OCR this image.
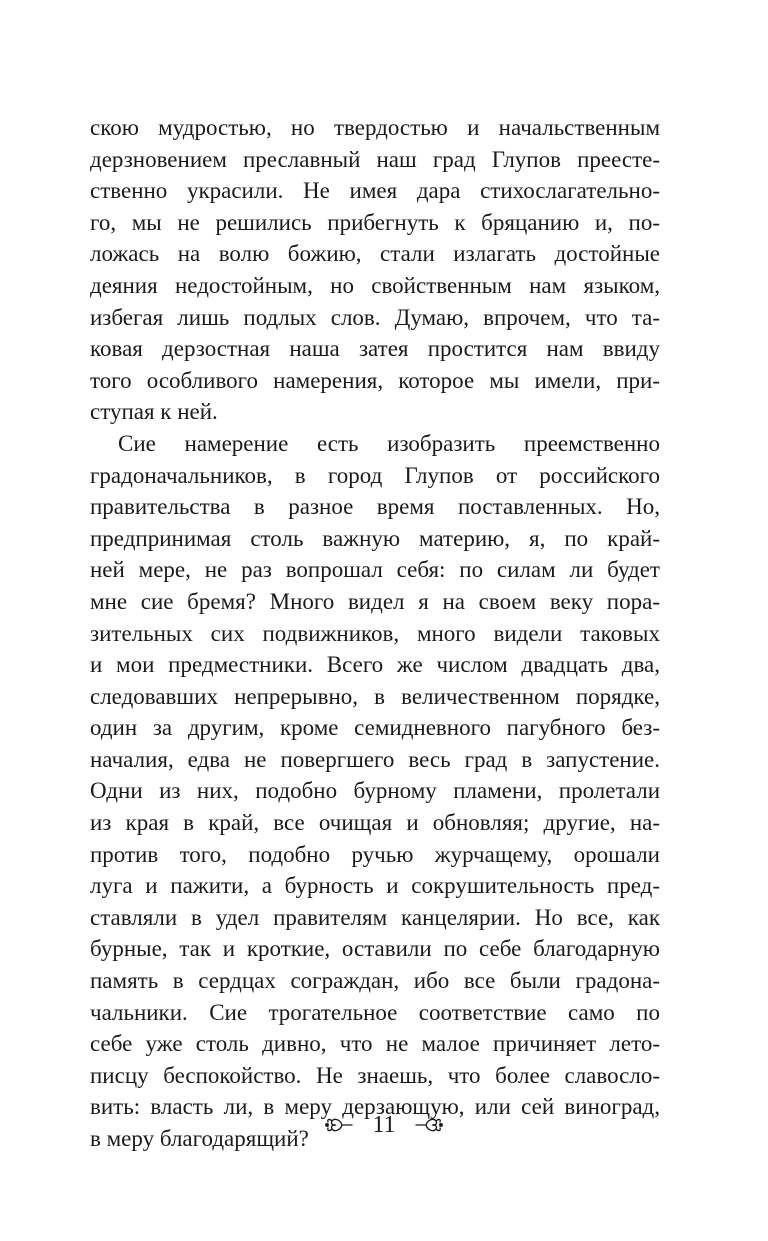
скою мудростью, но твердостью и начальственным
дерзновением преславный наш град Глупов преесте-
ственно украсили. Не имея дара стихослагательно-
го, мы не решились прибегнуть к бряцанию и, по-
ложась на волю божию, стали излагать достойные
деяния недостойным, но свойственным нам языком,
избегая лишь подлых слов. Думаю, впрочем, что та-
ковая дерзостная наша затея простится нам ввиду
того особливого намерения, которое мы имели, при-
ступая к ней.
Сие намерение есть изобразить преемственно
градоначальников, в город Глупов от российского
правительства в разное время поставленных. Но,
предпринимая столь важную материю, я, по край-
ней мере, не раз вопрошал себя: по силам ли будет
мне сие бремя? Много видел я на своем веку пора-
зительных сих подвижников, много видели таковых
и мои предместники. Всего же числом двадцать два,
следовавших непрерывно, в величественном порядке,
один за другим, кроме семидневного пагубного без-
началия, едва не повергшего весь град в запустение.
Одни из них, подобно бурному пламени, пролетали
из края в край, все очищая и обновляя; другие, на-
против того, подобно ручью журчащему, орошали
луга и пажити, а бурность и сокрушительность пред-
ставляли в удел правителям канцелярии. Но все, как
бурные, так и кроткие, оставили по себе благодарную
память в сердцах сограждан, ибо все были градона-
чальники. Сие трогательное соответствие само по
себе уже столь дивно, что не малое причиняет лето-
писцу беспокойство. Не знаешь, что более славосло-
вить: власть ли, в меру дерзающую, или сей виноград,
в меру благодарящий?
11
